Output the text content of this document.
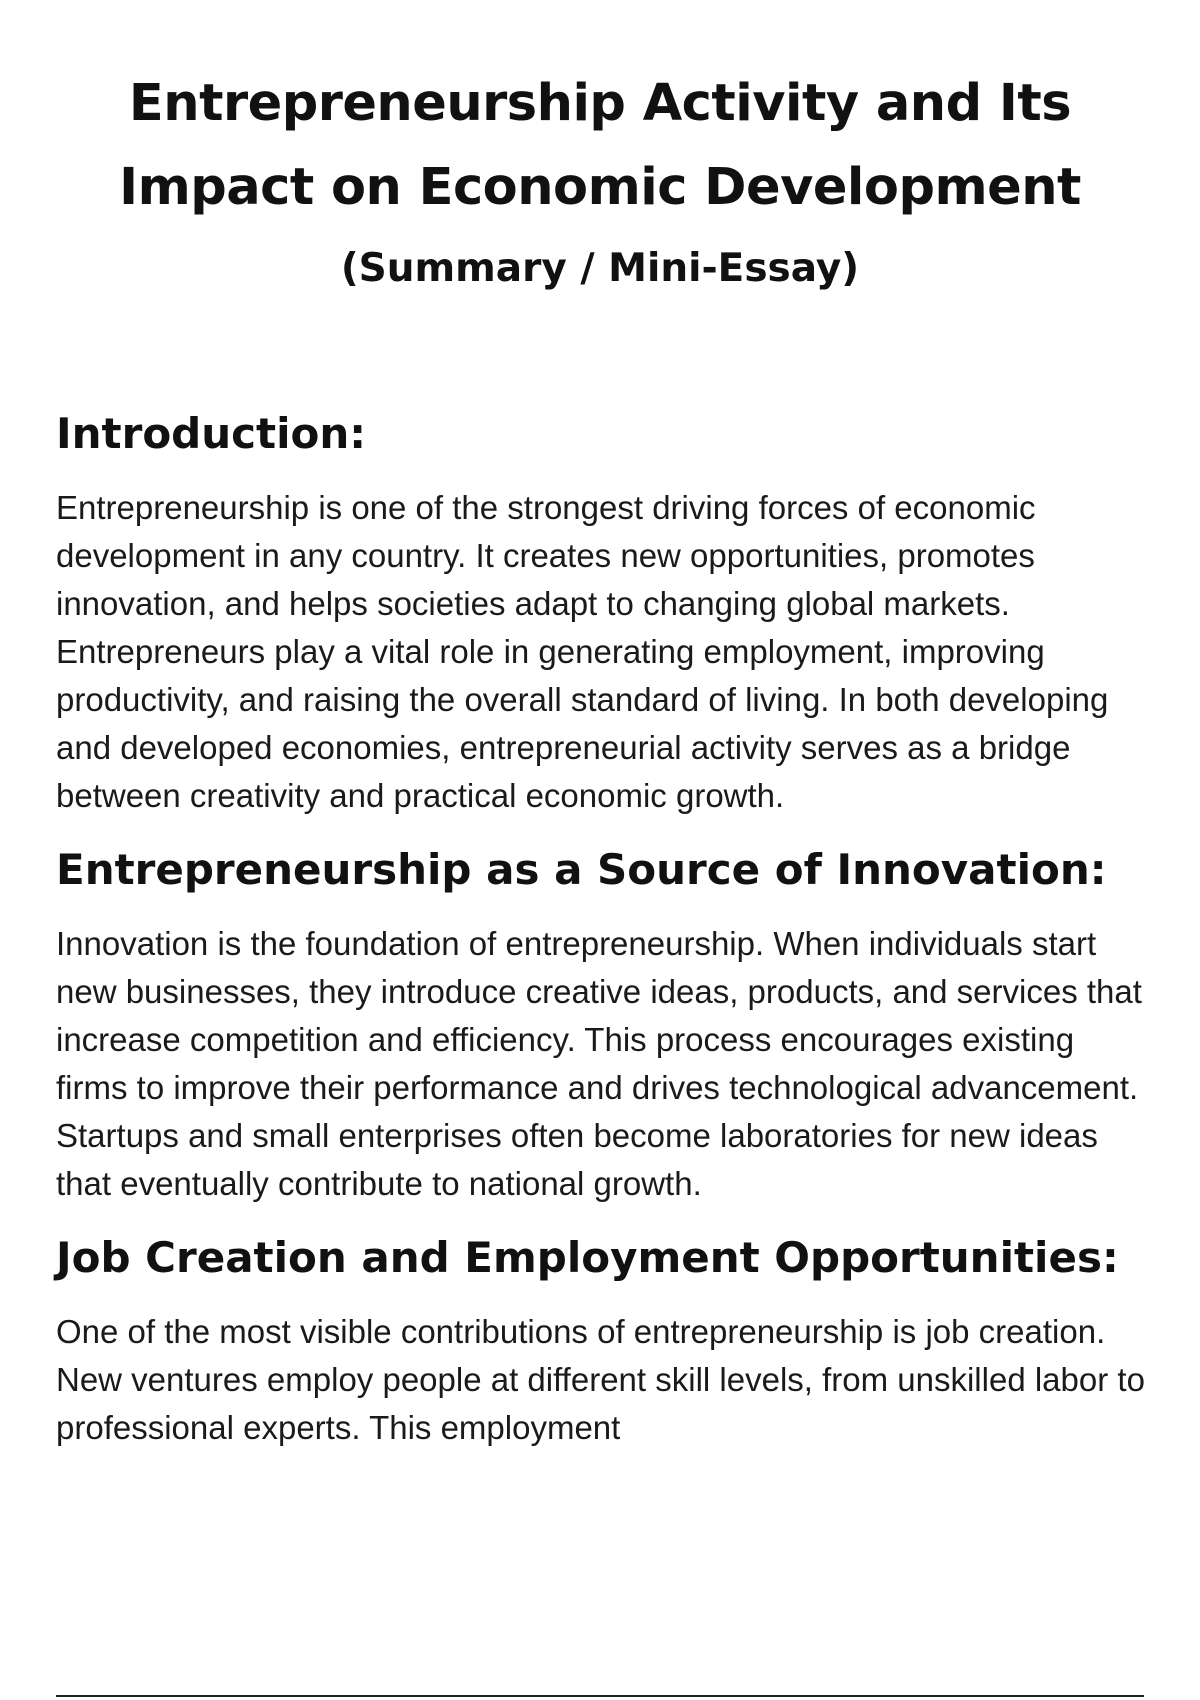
Entrepreneurship Activity and Its Impact on Economic Development
(Summary / Mini-Essay)
Introduction:

Entrepreneurship is one of the strongest driving forces of economic development in any country. It creates new opportunities, promotes innovation, and helps societies adapt to changing global markets. Entrepreneurs play a vital role in generating employment, improving productivity, and raising the overall standard of living. In both developing and developed economies, entrepreneurial activity serves as a bridge between creativity and practical economic growth.

Entrepreneurship as a Source of Innovation:

Innovation is the foundation of entrepreneurship. When individuals start new businesses, they introduce creative ideas, products, and services that increase competition and efficiency. This process encourages existing firms to improve their performance and drives technological advancement. Startups and small enterprises often become laboratories for new ideas that eventually contribute to national growth.

Job Creation and Employment Opportunities:

One of the most visible contributions of entrepreneurship is job creation. New ventures employ people at different skill levels, from unskilled labor to professional experts. This employment
